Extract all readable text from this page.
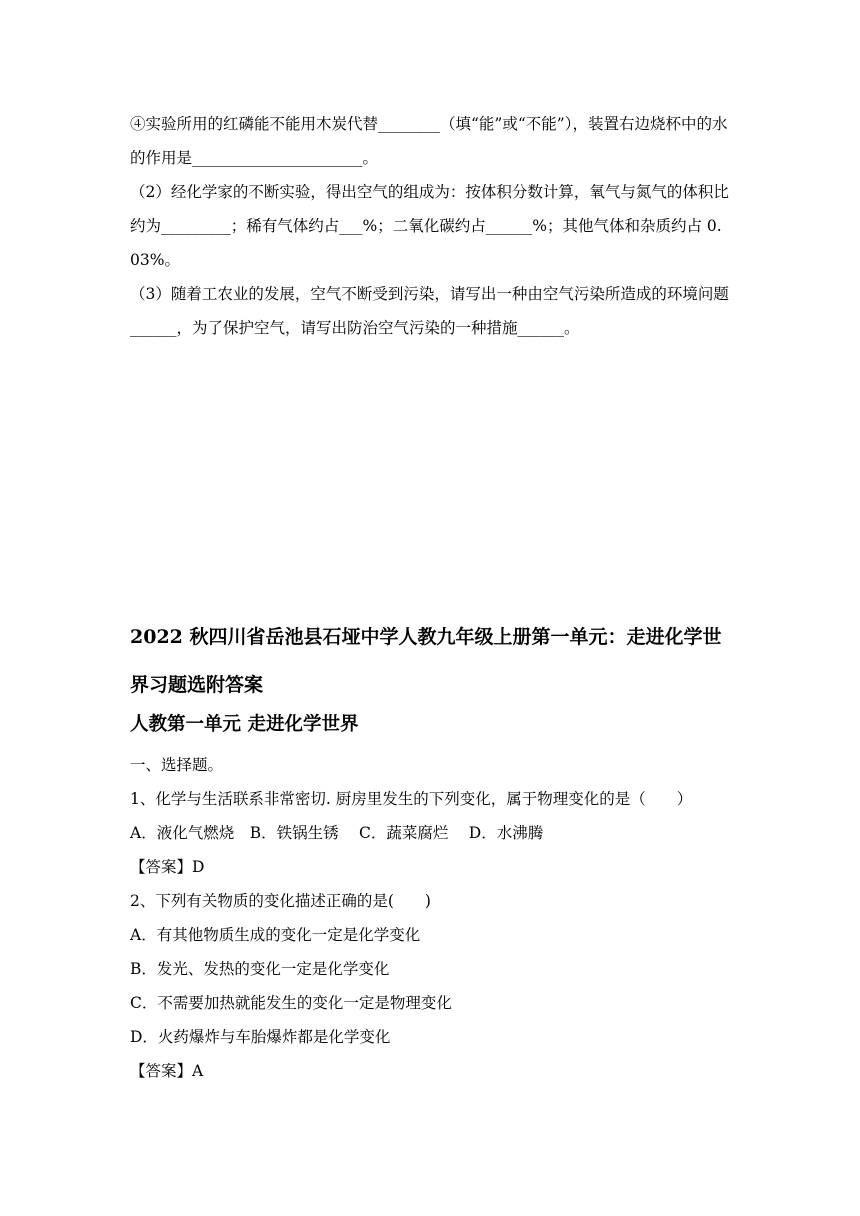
④实验所用的红磷能不能用木炭代替________（填“能”或“不能”），装置右边烧杯中的水的作用是______________________。

（2）经化学家的不断实验，得出空气的组成为：按体积分数计算，氧气与氮气的体积比约为_________；稀有气体约占___%；二氧化碳约占______%；其他气体和杂质约占 0.03%。

（3）随着工农业的发展，空气不断受到污染，请写出一种由空气污染所造成的环境问题______，为了保护空气，请写出防治空气污染的一种措施______。

2022 秋四川省岳池县石垭中学人教九年级上册第一单元：走进化学世界习题选附答案
人教第一单元 走进化学世界
一、选择题。
1、化学与生活联系非常密切. 厨房里发生的下列变化，属于物理变化的是（　　）
A．液化气燃烧　B．铁锅生锈　 C．蔬菜腐烂　 D．水沸腾
【答案】D
2、下列有关物质的变化描述正确的是(　　)
A．有其他物质生成的变化一定是化学变化
B．发光、发热的变化一定是化学变化
C．不需要加热就能发生的变化一定是物理变化
D．火药爆炸与车胎爆炸都是化学变化
【答案】A
